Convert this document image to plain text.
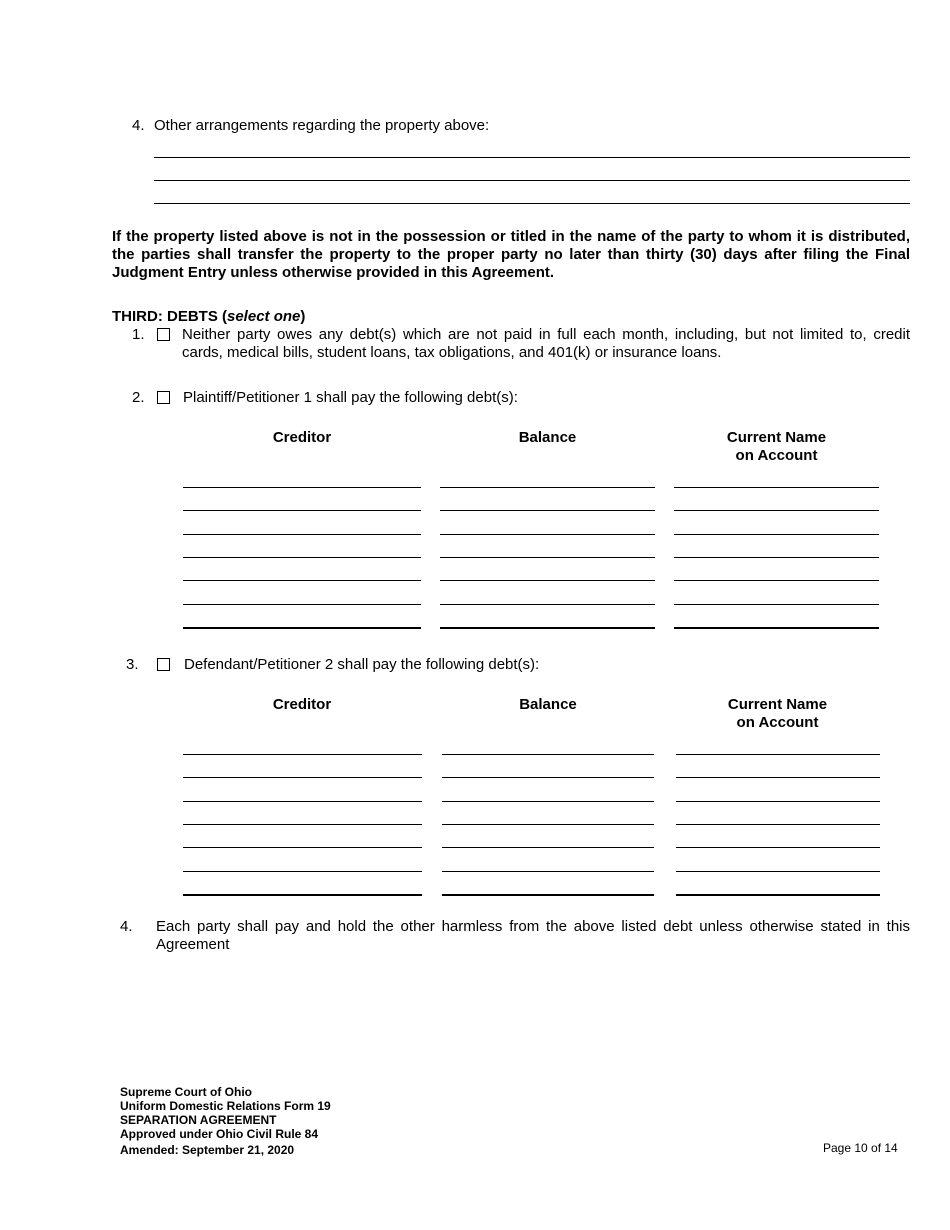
4. Other arrangements regarding the property above:
If the property listed above is not in the possession or titled in the name of the party to whom it is distributed, the parties shall transfer the property to the proper party no later than thirty (30) days after filing the Final Judgment Entry unless otherwise provided in this Agreement.
THIRD: DEBTS (select one)
1. Neither party owes any debt(s) which are not paid in full each month, including, but not limited to, credit
cards, medical bills, student loans, tax obligations, and 401(k) or insurance loans.
2.	Plaintiff/Petitioner 1 shall pay the following debt(s):
Creditor	Balance	Current Name
on Account
3.	Defendant/Petitioner 2 shall pay the following debt(s):
Creditor	Balance	Current Name
on Account
4. Each party shall pay and hold the other harmless from the above listed debt unless otherwise stated in this
Agreement
Supreme Court of Ohio
Uniform Domestic Relations Form 19
SEPARATION AGREEMENT
Approved under Ohio Civil Rule 84
Amended: September 21, 2020	Page 10 of 14
